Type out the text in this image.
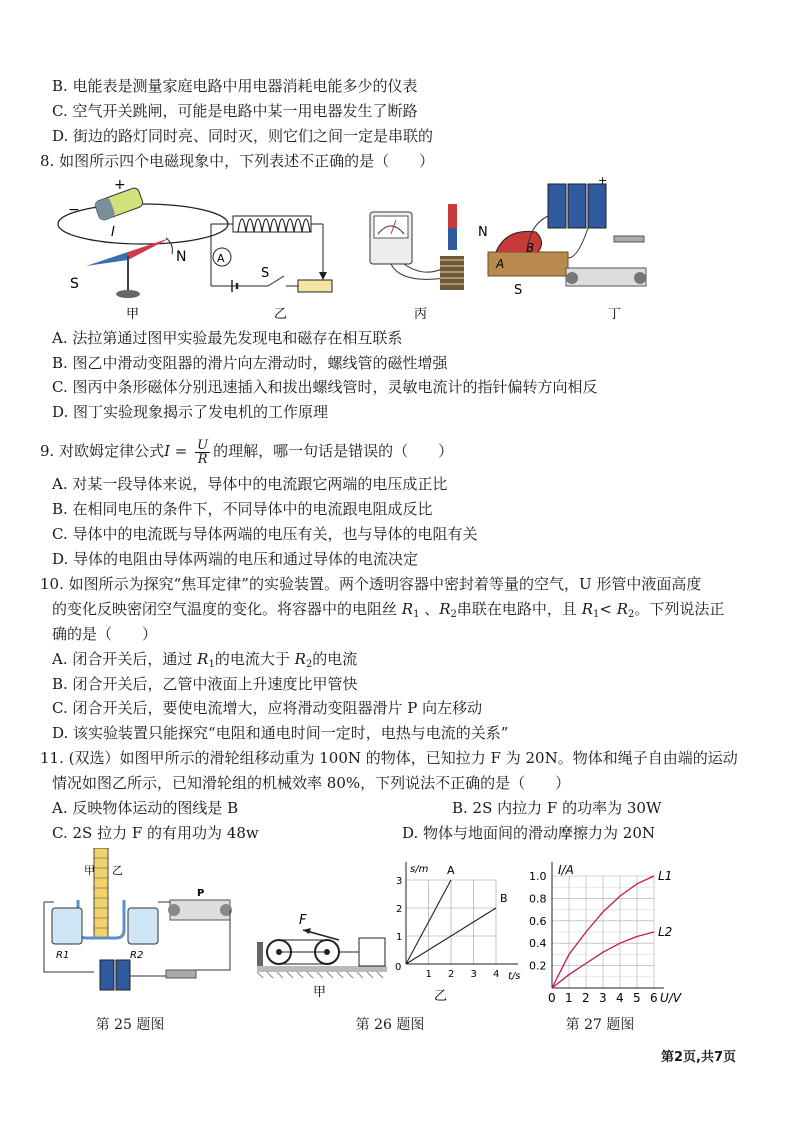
B. 电能表是测量家庭电路中用电器消耗电能多少的仪表
C. 空气开关跳闸，可能是电路中某一用电器发生了断路
D. 街边的路灯同时亮、同时灭，则它们之间一定是串联的
8. 如图所示四个电磁现象中，下列表述不正确的是（　　）
+
−
I
N
S
甲
A
S
乙	丙
+
N
B
A
S
丁
A. 法拉第通过图甲实验最先发现电和磁存在相互联系
B. 图乙中滑动变阻器的滑片向左滑动时，螺线管的磁性增强
C. 图丙中条形磁体分别迅速插入和拔出螺线管时，灵敏电流计的指针偏转方向相反
D. 图丁实验现象揭示了发电机的工作原理
9. 对欧姆定律公式$I = \frac{U}{R}$ 的理解，哪一句话是错误的（　　）
A. 对某一段导体来说，导体中的电流跟它两端的电压成正比
B. 在相同电压的条件下，不同导体中的电流跟电阻成反比
C. 导体中的电流既与导体两端的电压有关，也与导体的电阻有关
D. 导体的电阻由导体两端的电压和通过导体的电流决定
10. 如图所示为探究“焦耳定律”的实验装置。两个透明容器中密封着等量的空气，U 形管中液面高度
的变化反映密闭空气温度的变化。将容器中的电阻丝 $R_1$ 、$R_2$串联在电路中，且 $R_1< R_2$。下列说法正
确的是（　　）
A. 闭合开关后，通过 $R_1$的电流大于 $R_2$的电流
B. 闭合开关后，乙管中液面上升速度比甲管快
C. 闭合开关后，要使电流增大，应将滑动变阻器滑片 P 向左移动
D. 该实验装置只能探究“电阻和通电时间一定时，电热与电流的关系”
11. (双选）如图甲所示的滑轮组移动重为 100N 的物体，已知拉力 F 为 20N。物体和绳子自由端的运动
情况如图乙所示，已知滑轮组的机械效率 80%，下列说法不正确的是（　　）
A. 反映物体运动的图线是 B	B. 2S 内拉力 F 的功率为 30W
C. 2S 拉力 F 的有用功为 48w	D. 物体与地面间的滑动摩擦力为 20N
甲 乙
R1	R2
P
第 25 题图
F
甲
1 2 3 4
1
2
3
0
t/s
s/m A
B
乙
第 26 题图
0 1 2 3 4 5 6
0.2
0.4
0.6
0.8
1.0
U/V
I/A	L1
L2
第 27 题图
第2页,共7页
